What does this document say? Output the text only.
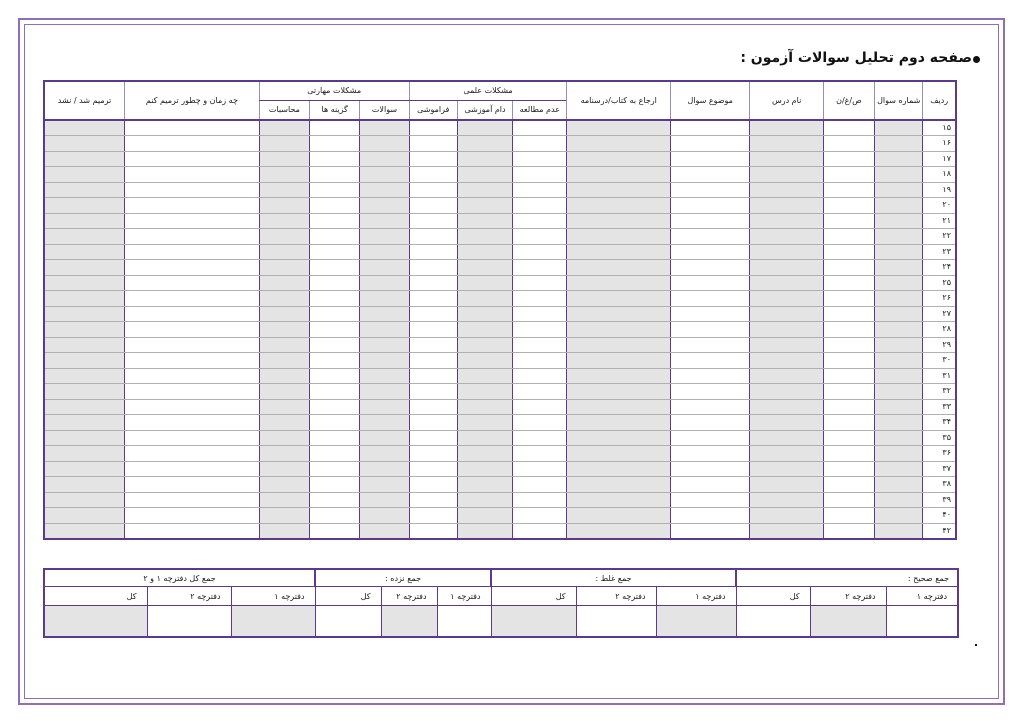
صفحه دوم تحلیل سوالات آزمون :
ردیف	شماره سوال	ص/غ/ن	نام درس	موضوع سوال	ارجاع به کتاب/درسنامه	مشکلات علمی			مشکلات مهارتی			چه زمان و چطور ترمیم کنم	ترمیم شد / نشد
						عدم مطالعه	دام آموزشی	فراموشی	سوالات	گزینه ها	محاسبات		
۱۵													
۱۶													
۱۷													
۱۸													
۱۹													
۲۰													
۲۱													
۲۲													
۲۳													
۲۴													
۲۵													
۲۶													
۲۷													
۲۸													
۲۹													
۳۰													
۳۱													
۳۲													
۳۳													
۳۴													
۳۵													
۳۶													
۳۷													
۳۸													
۳۹													
۴۰													
۴۲													
جمع صحیح :			جمع غلط :			جمع نزده :			جمع کل دفترچه ۱ و ۲		
دفترچه ۱	دفترچه ۲	کل	دفترچه ۱	دفترچه ۲	کل	دفترچه ۱	دفترچه ۲	کل	دفترچه ۱	دفترچه ۲	کل
